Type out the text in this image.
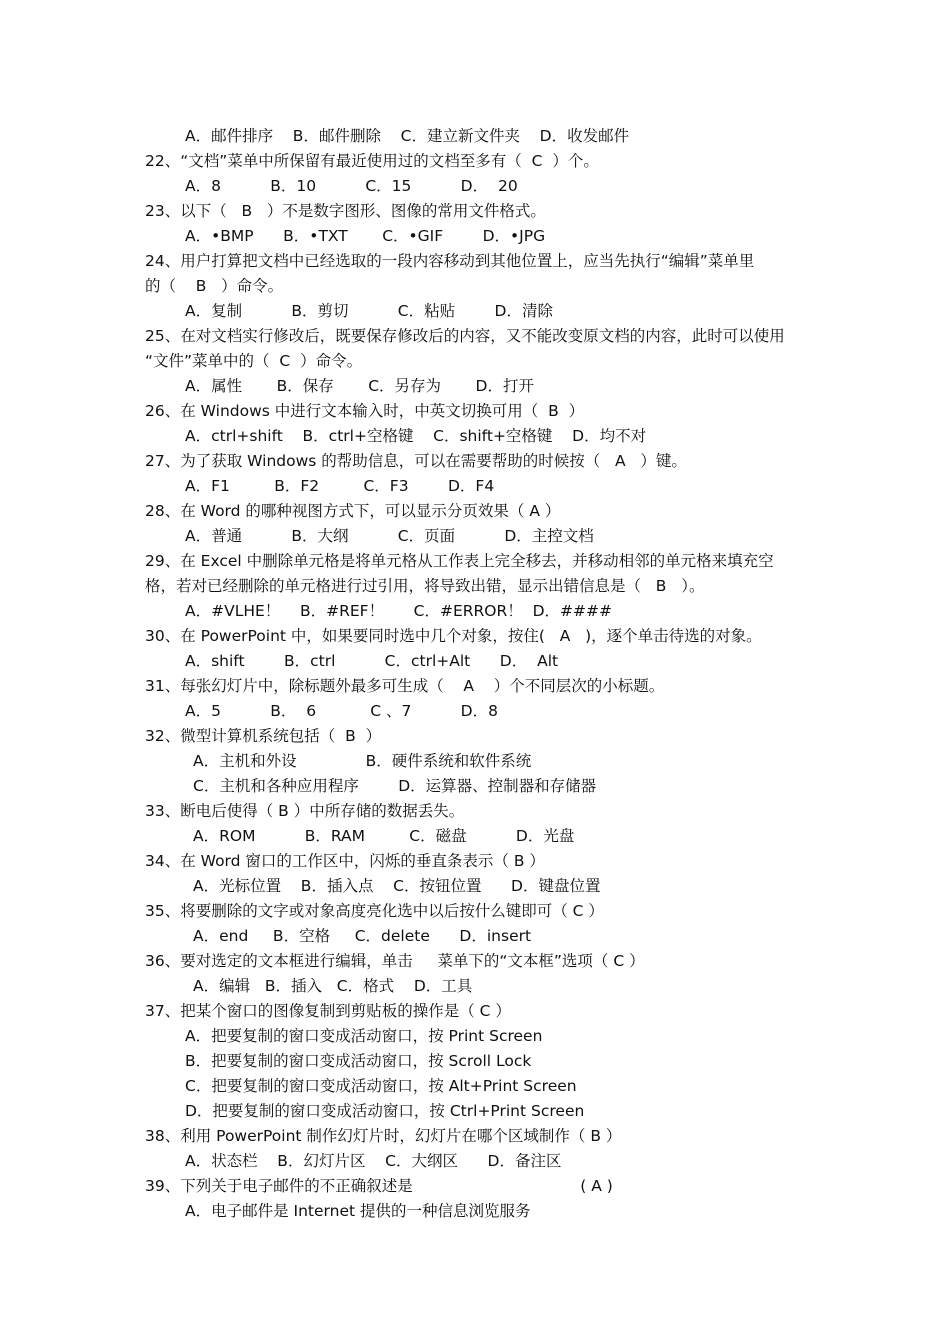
A．邮件排序    B．邮件删除    C．建立新文件夹    D．收发邮件
22、“文档”菜单中所保留有最近使用过的文档至多有（  C  ）个。
A．8          B．10          C．15          D．  20
23、以下（   B   ）不是数字图形、图像的常用文件格式。
A．•BMP      B．•TXT       C．•GIF        D．•JPG
24、用户打算把文档中已经选取的一段内容移动到其他位置上，应当先执行“编辑”菜单里
的（    B   ）命令。
A．复制          B．剪切          C．粘贴        D．清除
25、在对文档实行修改后，既要保存修改后的内容，又不能改变原文档的内容，此时可以使用
“文件”菜单中的（  C  ）命令。
A．属性       B．保存       C．另存为       D．打开
26、在 Windows 中进行文本输入时，中英文切换可用（  B  ）
A．ctrl+shift    B．ctrl+空格键    C．shift+空格键    D．均不对
27、为了获取 Windows 的帮助信息，可以在需要帮助的时候按（   A   ）键。
A．F1         B．F2         C．F3        D．F4
28、在 Word 的哪种视图方式下，可以显示分页效果（ A ）
A．普通          B．大纲          C．页面          D．主控文档
29、在 Excel 中删除单元格是将单元格从工作表上完全移去，并移动相邻的单元格来填充空
格，若对已经删除的单元格进行过引用，将导致出错，显示出错信息是（   B   ）。
A．#VLHE！    B．#REF！      C．#ERROR！  D．####
30、在 PowerPoint 中，如果要同时选中几个对象，按住(   A   )，逐个单击待选的对象。
A．shift        B．ctrl          C．ctrl+Alt      D．  Alt
31、每张幻灯片中，除标题外最多可生成（    A    ）个不同层次的小标题。
A．5          B．  6           C 、7          D．8
32、微型计算机系统包括（  B  ）
A．主机和外设              B．硬件系统和软件系统
C．主机和各种应用程序        D．运算器、控制器和存储器
33、断电后使得（ B ）中所存储的数据丢失。
A．ROM          B．RAM         C．磁盘          D．光盘
34、在 Word 窗口的工作区中，闪烁的垂直条表示（ B ）
A．光标位置    B．插入点    C．按钮位置      D．键盘位置
35、将要删除的文字或对象高度亮化选中以后按什么键即可（ C ）
A．end     B．空格     C．delete      D．insert
36、要对选定的文本框进行编辑，单击     菜单下的“文本框”选项（ C ）
A．编辑   B．插入   C．格式    D．工具
37、把某个窗口的图像复制到剪贴板的操作是（ C ）
A．把要复制的窗口变成活动窗口，按 Print Screen
B．把要复制的窗口变成活动窗口，按 Scroll Lock
C．把要复制的窗口变成活动窗口，按 Alt+Print Screen
D．把要复制的窗口变成活动窗口，按 Ctrl+Print Screen
38、利用 PowerPoint 制作幻灯片时，幻灯片在哪个区域制作（ B ）
A．状态栏    B．幻灯片区    C．大纲区      D．备注区
39、下列关于电子邮件的不正确叙述是                                  ( A )
A．电子邮件是 Internet 提供的一种信息浏览服务
